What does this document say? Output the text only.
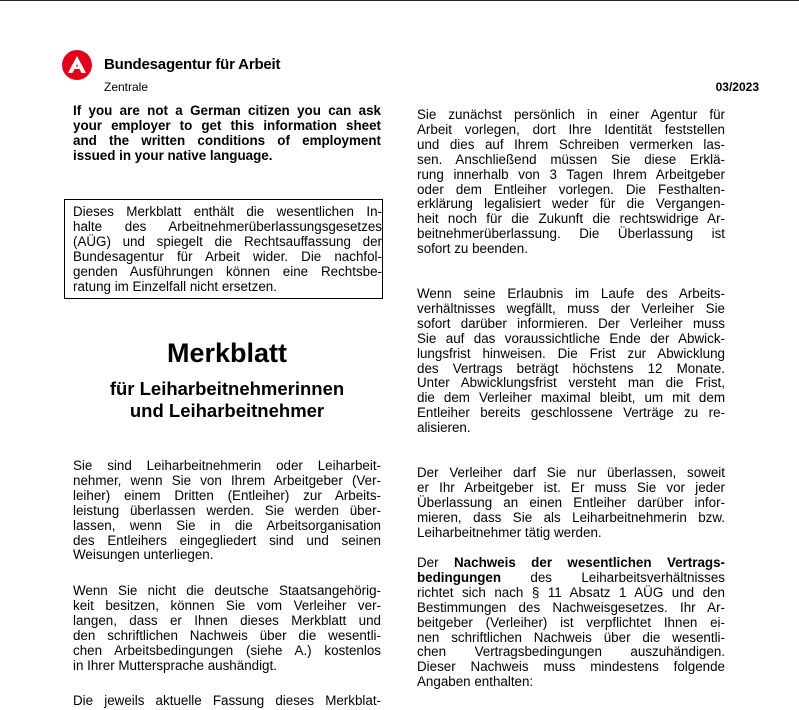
Bundesagentur für Arbeit
Zentrale	03/2023
If you are not a German citizen you can ask
your employer to get this information sheet
and the written conditions of employment
issued in your native language.
Dieses Merkblatt enthält die wesentlichen In-
halte des Arbeitnehmerüberlassungsgesetzes
(AÜG) und spiegelt die Rechtsauffassung der
Bundesagentur für Arbeit wider. Die nachfol-
genden Ausführungen können eine Rechtsbe-
ratung im Einzelfall nicht ersetzen.
Merkblatt
für Leiharbeitnehmerinnen
und Leiharbeitnehmer
Sie sind Leiharbeitnehmerin oder Leiharbeit-
nehmer, wenn Sie von Ihrem Arbeitgeber (Ver-
leiher) einem Dritten (Entleiher) zur Arbeits-
leistung überlassen werden. Sie werden über-
lassen, wenn Sie in die Arbeitsorganisation
des Entleihers eingegliedert sind und seinen
Weisungen unterliegen.
Wenn Sie nicht die deutsche Staatsangehörig-
keit besitzen, können Sie vom Verleiher ver-
langen, dass er Ihnen dieses Merkblatt und
den schriftlichen Nachweis über die wesentli-
chen Arbeitsbedingungen (siehe A.) kostenlos
in Ihrer Muttersprache aushändigt.
Die jeweils aktuelle Fassung dieses Merkblat-
Sie zunächst persönlich in einer Agentur für
Arbeit vorlegen, dort Ihre Identität feststellen
und dies auf Ihrem Schreiben vermerken las-
sen. Anschließend müssen Sie diese Erklä-
rung innerhalb von 3 Tagen Ihrem Arbeitgeber
oder dem Entleiher vorlegen. Die Festhalten-
erklärung legalisiert weder für die Vergangen-
heit noch für die Zukunft die rechtswidrige Ar-
beitnehmerüberlassung. Die Überlassung ist
sofort zu beenden.
Wenn seine Erlaubnis im Laufe des Arbeits-
verhältnisses wegfällt, muss der Verleiher Sie
sofort darüber informieren. Der Verleiher muss
Sie auf das voraussichtliche Ende der Abwick-
lungsfrist hinweisen. Die Frist zur Abwicklung
des Vertrags beträgt höchstens 12 Monate.
Unter Abwicklungsfrist versteht man die Frist,
die dem Verleiher maximal bleibt, um mit dem
Entleiher bereits geschlossene Verträge zu re-
alisieren.
Der Verleiher darf Sie nur überlassen, soweit
er Ihr Arbeitgeber ist. Er muss Sie vor jeder
Überlassung an einen Entleiher darüber infor-
mieren, dass Sie als Leiharbeitnehmerin bzw.
Leiharbeitnehmer tätig werden.
Der Nachweis der wesentlichen Vertrags-
bedingungen des Leiharbeitsverhältnisses
richtet sich nach § 11 Absatz 1 AÜG und den
Bestimmungen des Nachweisgesetzes. Ihr Ar-
beitgeber (Verleiher) ist verpflichtet Ihnen ei-
nen schriftlichen Nachweis über die wesentli-
chen Vertragsbedingungen auszuhändigen.
Dieser Nachweis muss mindestens folgende
Angaben enthalten:
